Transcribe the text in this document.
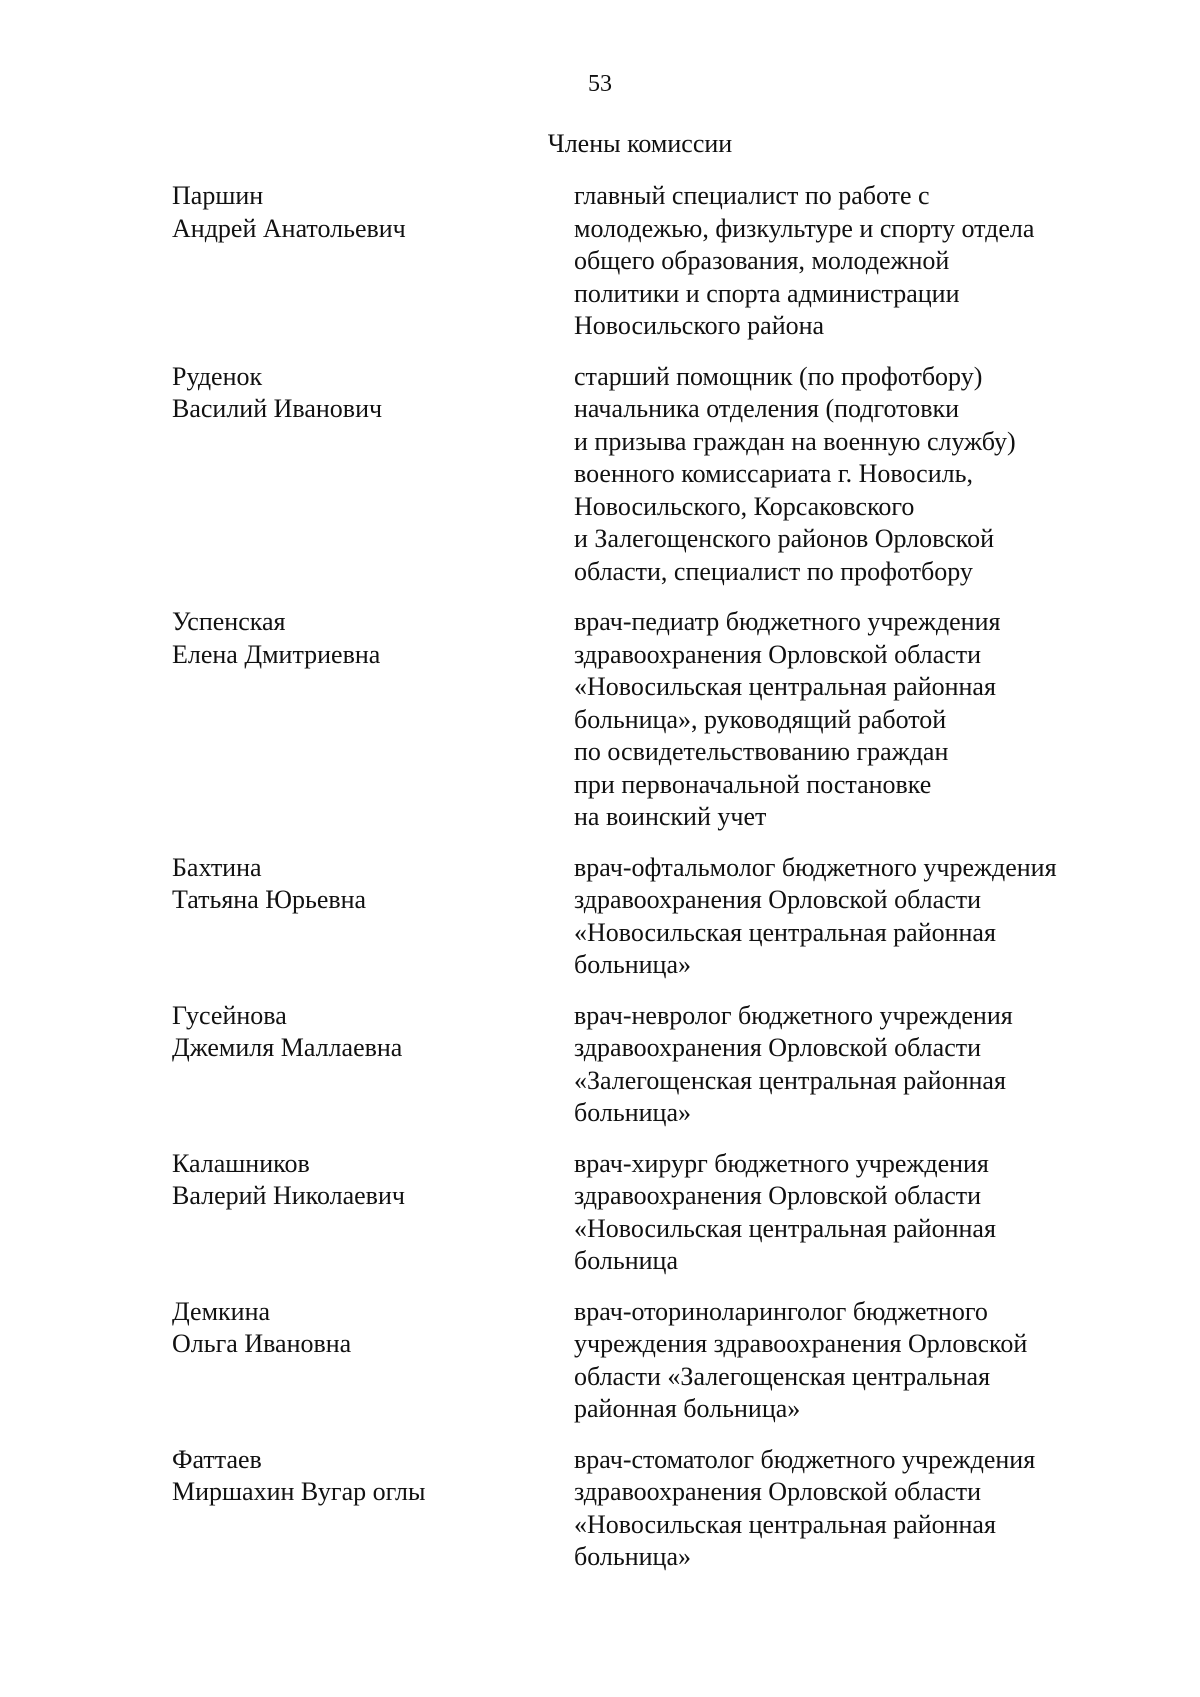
53
Члены комиссии
Паршин
Андрей Анатольевич
главный специалист по работе с
молодежью, физкультуре и спорту отдела
общего образования, молодежной
политики и спорта администрации
Новосильского района
Руденок
Василий Иванович
старший помощник (по профотбору)
начальника отделения (подготовки
и призыва граждан на военную службу)
военного комиссариата г. Новосиль,
Новосильского, Корсаковского
и Залегощенского районов Орловской
области, специалист по профотбору
Успенская
Елена Дмитриевна
врач-педиатр бюджетного учреждения
здравоохранения Орловской области
«Новосильская центральная районная
больница», руководящий работой
по освидетельствованию граждан
при первоначальной постановке
на воинский учет
Бахтина
Татьяна Юрьевна
врач-офтальмолог бюджетного учреждения
здравоохранения Орловской области
«Новосильская центральная районная
больница»
Гусейнова
Джемиля Маллаевна
врач-невролог бюджетного учреждения
здравоохранения Орловской области
«Залегощенская центральная районная
больница»
Калашников
Валерий Николаевич
врач-хирург бюджетного учреждения
здравоохранения Орловской области
«Новосильская центральная районная
больница
Демкина
Ольга Ивановна
врач-оториноларинголог бюджетного
учреждения здравоохранения Орловской
области «Залегощенская центральная
районная больница»
Фаттаев
Миршахин Вугар оглы
врач-стоматолог бюджетного учреждения
здравоохранения Орловской области
«Новосильская центральная районная
больница»
